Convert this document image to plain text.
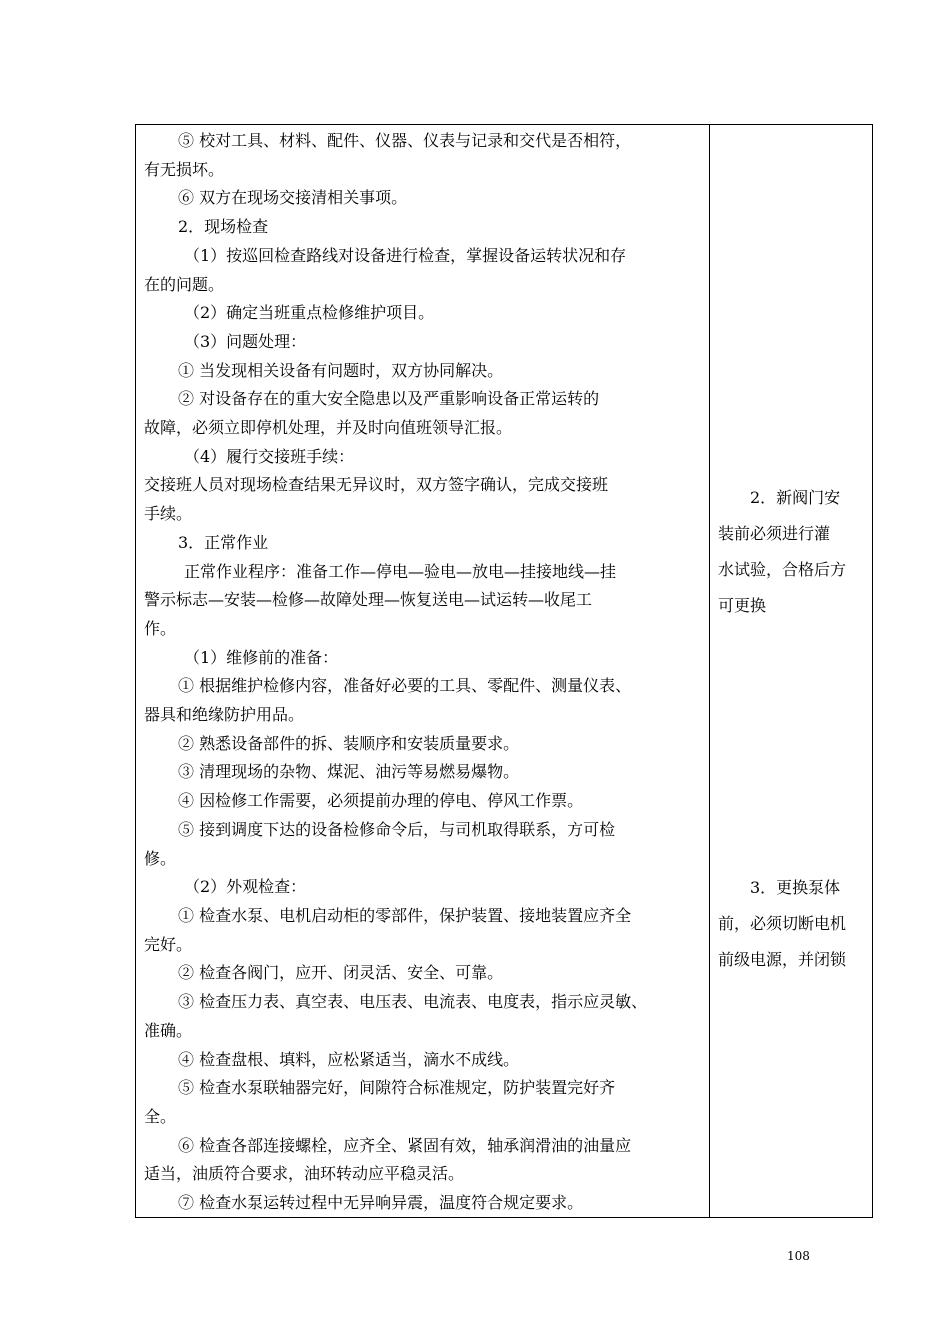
⑤ 校对工具、材料、配件、仪器、仪表与记录和交代是否相符，
有无损坏。
⑥ 双方在现场交接清相关事项。
2．现场检查
（1）按巡回检查路线对设备进行检查，掌握设备运转状况和存
在的问题。
（2）确定当班重点检修维护项目。
（3）问题处理：
① 当发现相关设备有问题时，双方协同解决。
② 对设备存在的重大安全隐患以及严重影响设备正常运转的
故障，必须立即停机处理，并及时向值班领导汇报。
（4）履行交接班手续：
交接班人员对现场检查结果无异议时，双方签字确认，完成交接班
手续。
3．正常作业
正常作业程序：准备工作—停电—验电—放电—挂接地线—挂
警示标志—安装—检修—故障处理—恢复送电—试运转—收尾工
作。
（1）维修前的准备：
① 根据维护检修内容，准备好必要的工具、零配件、测量仪表、
器具和绝缘防护用品。
② 熟悉设备部件的拆、装顺序和安装质量要求。
③ 清理现场的杂物、煤泥、油污等易燃易爆物。
④ 因检修工作需要，必须提前办理的停电、停风工作票。
⑤ 接到调度下达的设备检修命令后，与司机取得联系，方可检
修。
（2）外观检查：
① 检查水泵、电机启动柜的零部件，保护装置、接地装置应齐全
完好。
② 检查各阀门，应开、闭灵活、安全、可靠。
③ 检查压力表、真空表、电压表、电流表、电度表，指示应灵敏、
准确。
④ 检查盘根、填料，应松紧适当，滴水不成线。
⑤ 检查水泵联轴器完好，间隙符合标准规定，防护装置完好齐
全。
⑥ 检查各部连接螺栓，应齐全、紧固有效，轴承润滑油的油量应
适当，油质符合要求，油环转动应平稳灵活。
⑦ 检查水泵运转过程中无异响异震，温度符合规定要求。
　　2．新阀门安
装前必须进行灌
水试验，合格后方
可更换
　　3．更换泵体
前，必须切断电机
前级电源，并闭锁
108
